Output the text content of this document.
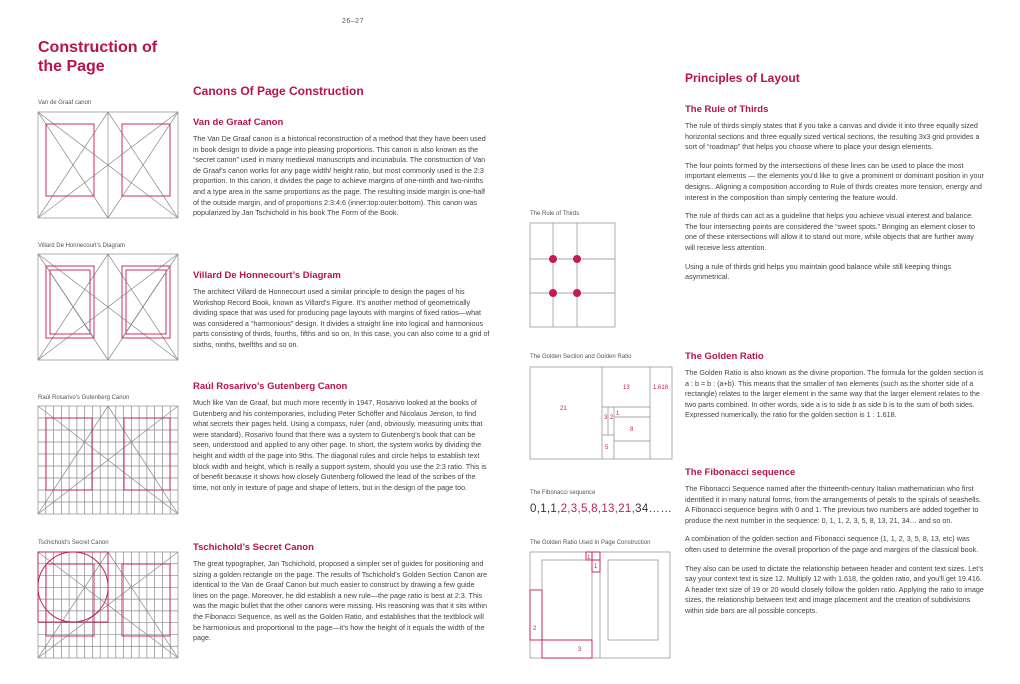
26–27
Construction of
the Page
Van de Graaf canon
Villard De Honnecourt’s Diagram
Raúl Rosarivo’s Gutenberg Canon
Tschichold’s Secret Canon
Canons Of Page Construction
Van de Graaf Canon
The Van De Graaf canon is a historical reconstruction of a method that they have been used in book design to divide a page into pleasing proportions. This canon is also known as the “secret canon” used in many medieval manuscripts and incunabula. The construction of Van de Graaf’s canon works for any page width/ height ratio, but most commonly used is the 2:3 proportion. In this canon, it divides the page to achieve margins of one-ninth and two-ninths and a type area in the same proportions as the page. The resulting inside margin is one-half of the outside margin, and of proportions 2:3:4:6 (inner:top:outer:bottom). This canon was popularized by Jan Tschichold in his book The Form of the Book.
Villard De Honnecourt’s Diagram
The architect Villard de Honnecourt used a similar principle to design the pages of his Workshop Record Book, known as Villard’s Figure. It’s another method of geometrically dividing space that was used for producing page layouts with margins of fixed ratios—what was considered a “harmonious” design. It divides a straight line into logical and harmonious parts consisting of thirds, fourths, fifths and so on, In this case, you can also come to a grid of sixths, ninths, twelfths and so on.
Raúl Rosarivo’s Gutenberg Canon
Much like Van de Graaf, but much more recently in 1947, Rosarivo looked at the books of Gutenberg and his contemporaries, including Peter Schöffer and Nicolaus Jenson, to find what secrets their pages held. Using a compass, ruler (and, obviously, measuring units that were standard), Rosarivo found that there was a system to Gutenberg’s book that can be seen, understood and applied to any other page. In short, the system works by dividing the height and width of the page into 9ths. The diagonal rules and circle helps to establish text block width and height, which is really a support system, should you use the 2:3 ratio. This is of benefit because it shows how closely Gutenberg followed the lead of the scribes of the time, not only in texture of page and shape of letters, but in the design of the page too.
Tschichold’s Secret Canon
The great typographer, Jan Tschichold, proposed a simpler set of guides for positioning and sizing a golden rectangle on the page. The results of Tschichold’s Golden Section Canon are identical to the Van de Graaf Canon but much easier to construct by drawing a few guide lines on the page. Moreover, he did establish a new rule—the page ratio is best at 2:3. This was the magic bullet that the other canons were missing. His reasoning was that it sits within the Fibonacci Sequence, as well as the Golden Ratio, and establishes that the textblock will be harmonious and proportional to the page—it’s how the height of it equals the width of the page.
The Rule of Thirds
The Golden Section and Golden Ratio
21
13	1.618
3 2
8
1
5
The Fibonacci sequence
0,1,1,2,3,5,8,13,21,34……
The Golden Ratio Used In Page Construction
1
1
2
3
Principles of Layout
The Rule of Thirds
The rule of thirds simply states that if you take a canvas and divide it into three equally sized horizontal sections and three equally sized vertical sections, the resulting 3x3 grid provides a sort of “roadmap” that helps you choose where to place your design elements.
The four points formed by the intersections of these lines can be used to place the most important elements — the elements you’d like to give a prominent or dominant position in your designs.. Aligning a composition according to Rule of thirds creates more tension, energy and interest in the composition than simply centering the feature would.
The rule of thirds can act as a guideline that helps you achieve visual interest and balance. The four intersecting points are considered the “sweet spots.” Bringing an element closer to one of these intersections will allow it to stand out more, while objects that are further away will receive less attention.
Using a rule of thirds grid helps you maintain good balance while still keeping things asymmetrical.
The Golden Ratio
The Golden Ratio is also known as the divine proportion. The formula for the golden section is a : b = b : (a+b). This means that the smaller of two elements (such as the shorter side of a rectangle) relates to the larger element in the same way that the larger element relates to the two parts combined. In other words, side a is to side b as side b is to the sum of both sides. Expressed numerically, the ratio for the golden section is 1 : 1.618.
The Fibonacci sequence
The Fibonacci Sequence named after the thirteenth-century Italian mathematician who first identified it in many natural forms, from the arrangements of petals to the spirals of seashells. A Fibonacci sequence begins with 0 and 1. The previous two numbers are added together to produce the next number in the sequence: 0, 1, 1, 2, 3, 5, 8, 13, 21, 34… and so on.
A combination of the golden section and Fibonacci sequence (1, 1, 2, 3, 5, 8, 13, etc) was often used to determine the overall proportion of the page and margins of the classical book.
They also can be used to dictate the relationship between header and content text sizes. Let’s say your context text is size 12. Multiply 12 with 1.618, the golden ratio, and you’ll get 19.416. A header text size of 19 or 20 would closely follow the golden ratio. Applying the ratio to image sizes, the relationship between text and image placement and the creation of subdivisions within side bars are all possible concepts.
